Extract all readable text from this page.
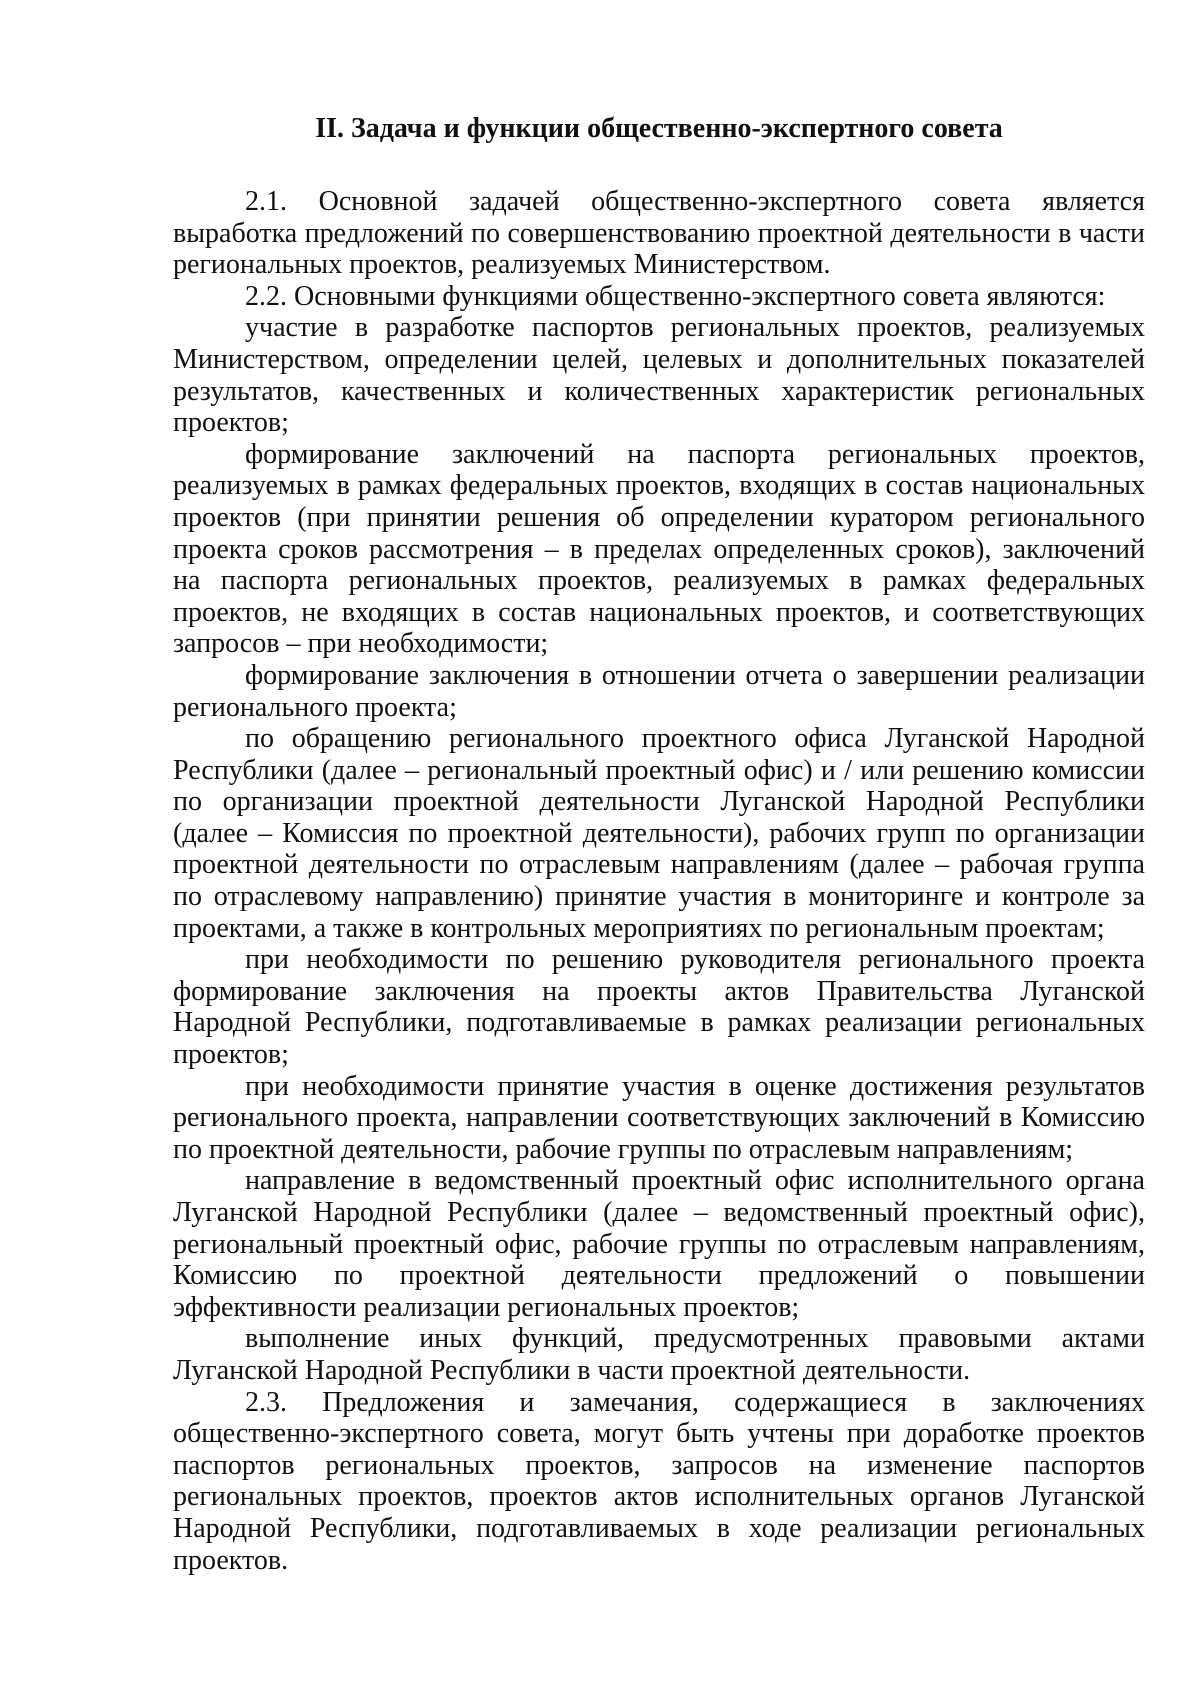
II. Задача и функции общественно-экспертного совета

2.1. Основной задачей общественно-экспертного совета является выработка предложений по совершенствованию проектной деятельности в части региональных проектов, реализуемых Министерством.

2.2. Основными функциями общественно-экспертного совета являются:

участие в разработке паспортов региональных проектов, реализуемых Министерством, определении целей, целевых и дополнительных показателей результатов, качественных и количественных характеристик региональных проектов;

формирование заключений на паспорта региональных проектов, реализуемых в рамках федеральных проектов, входящих в состав национальных проектов (при принятии решения об определении куратором регионального проекта сроков рассмотрения – в пределах определенных сроков), заключений на паспорта региональных проектов, реализуемых в рамках федеральных проектов, не входящих в состав национальных проектов, и соответствующих запросов – при необходимости;

формирование заключения в отношении отчета о завершении реализации регионального проекта;

по обращению регионального проектного офиса Луганской Народной Республики (далее – региональный проектный офис) и / или решению комиссии по организации проектной деятельности Луганской Народной Республики (далее – Комиссия по проектной деятельности), рабочих групп по организации проектной деятельности по отраслевым направлениям (далее – рабочая группа по отраслевому направлению) принятие участия в мониторинге и контроле за проектами, а также в контрольных мероприятиях по региональным проектам;

при необходимости по решению руководителя регионального проекта формирование заключения на проекты актов Правительства Луганской Народной Республики, подготавливаемые в рамках реализации региональных проектов;

при необходимости принятие участия в оценке достижения результатов регионального проекта, направлении соответствующих заключений в Комиссию по проектной деятельности, рабочие группы по отраслевым направлениям;

направление в ведомственный проектный офис исполнительного органа Луганской Народной Республики (далее – ведомственный проектный офис), региональный проектный офис, рабочие группы по отраслевым направлениям, Комиссию по проектной деятельности предложений о повышении эффективности реализации региональных проектов;

выполнение иных функций, предусмотренных правовыми актами Луганской Народной Республики в части проектной деятельности.

2.3. Предложения и замечания, содержащиеся в заключениях общественно-экспертного совета, могут быть учтены при доработке проектов паспортов региональных проектов, запросов на изменение паспортов региональных проектов, проектов актов исполнительных органов Луганской Народной Республики, подготавливаемых в ходе реализации региональных проектов.
